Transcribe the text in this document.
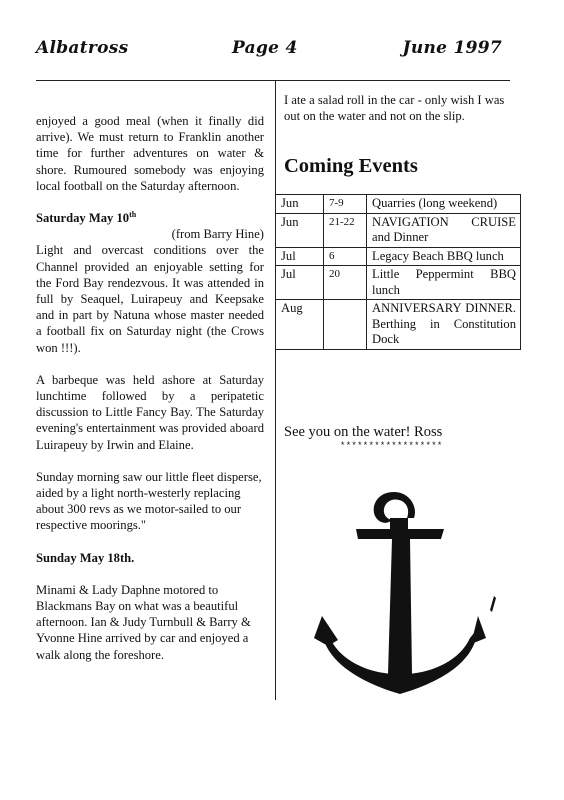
Albatross	Page 4	June 1997

enjoyed a good meal (when it finally did arrive). We must return to Franklin another time for further adventures on water & shore. Rumoured somebody was enjoying local football on the Saturday afternoon.

Saturday May 10th
(from Barry Hine)

Light and overcast conditions over the Channel provided an enjoyable setting for the Ford Bay rendezvous. It was attended in full by Seaquel, Luirapeuy and Keepsake and in part by Natuna whose master needed a football fix on Saturday night (the Crows won !!!).

A barbeque was held ashore at Saturday lunchtime followed by a peripatetic discussion to Little Fancy Bay. The Saturday evening's entertainment was provided aboard Luirapeuy by Irwin and Elaine.

Sunday morning saw our little fleet disperse, aided by a light north-westerly replacing about 300 revs as we motor-sailed to our respective moorings."

Sunday May 18th.

Minami & Lady Daphne motored to Blackmans Bay on what was a beautiful afternoon. Ian & Judy Turnbull & Barry & Yvonne Hine arrived by car and enjoyed a walk along the foreshore.

I ate a salad roll in the car - only wish I was out on the water and not on the slip.

Coming Events
Jun	7-9	Quarries (long weekend)
Jun	21-22	NAVIGATION CRUISE and Dinner
Jul	6	Legacy Beach BBQ lunch
Jul	20	Little Peppermint BBQ lunch
Aug		ANNIVERSARY DINNER. Berthing in Constitution Dock
See you on the water! Ross
******************
